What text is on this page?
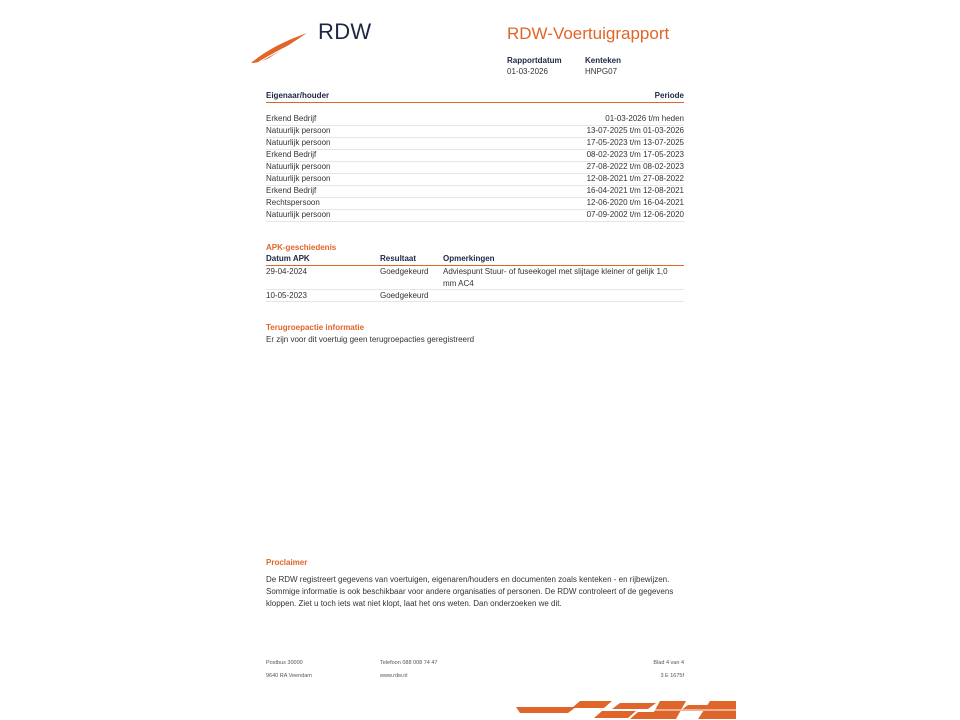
RDW	RDW-Voertuigrapport
Rapportdatum
01-03-2026
Kenteken
HNPG07
Eigenaar/houder	Periode
Erkend Bedrijf	01-03-2026 t/m heden
Natuurlijk persoon	13-07-2025 t/m 01-03-2026
Natuurlijk persoon	17-05-2023 t/m 13-07-2025
Erkend Bedrijf	08-02-2023 t/m 17-05-2023
Natuurlijk persoon	27-08-2022 t/m 08-02-2023
Natuurlijk persoon	12-08-2021 t/m 27-08-2022
Erkend Bedrijf	16-04-2021 t/m 12-08-2021
Rechtspersoon	12-06-2020 t/m 16-04-2021
Natuurlijk persoon	07-09-2002 t/m 12-06-2020
APK-geschiedenis
Datum APK	Resultaat	Opmerkingen
29-04-2024	Goedgekeurd Adviespunt Stuur- of fuseekogel met slijtage kleiner of gelijk 1,0
mm AC4
10-05-2023	Goedgekeurd
Terugroepactie informatie
Er zijn voor dit voertuig geen terugroepacties geregistreerd
Proclaimer
De RDW registreert gegevens van voertuigen, eigenaren/houders en documenten zoals kenteken - en rijbewijzen.
Sommige informatie is ook beschikbaar voor andere organisaties of personen. De RDW controleert of de gegevens
kloppen. Ziet u toch iets wat niet klopt, laat het ons weten. Dan onderzoeken we dit.
Postbus 30000
9640 RA Veendam
Telefoon 088 008 74 47
www.rdw.nl
Blad 4 van 4
3 E 1675f
